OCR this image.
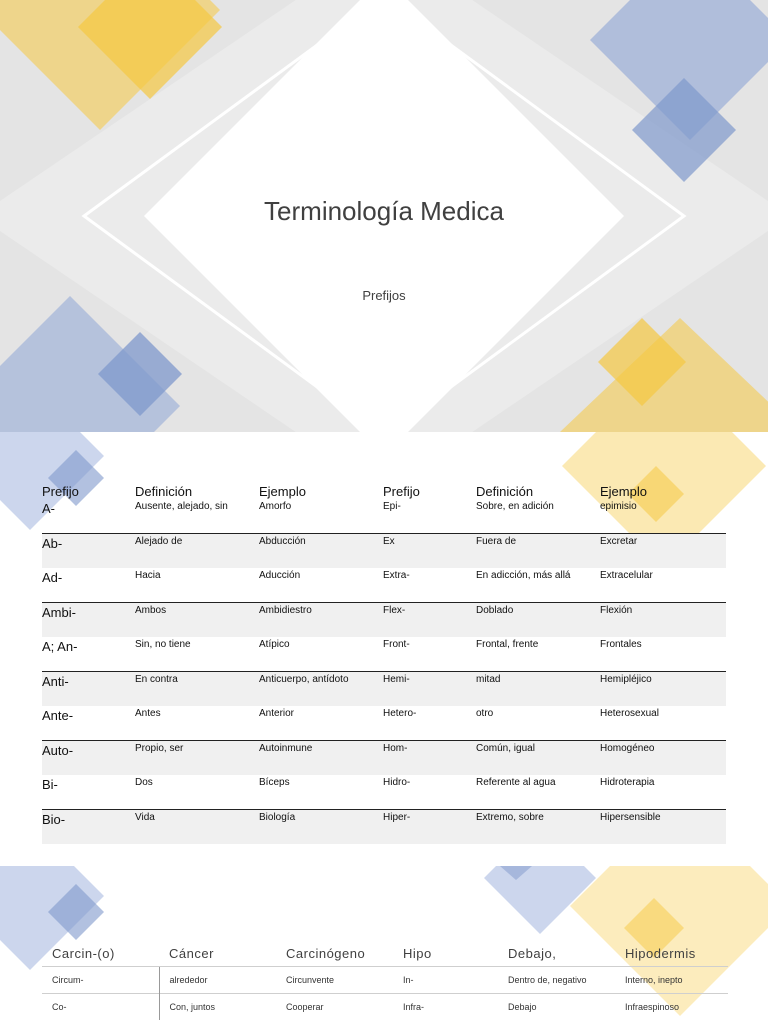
Terminología Medica
Prefijos
Prefijo	Definición	Ejemplo	Prefijo	Definición	Ejemplo
A-	Ausente, alejado, sin	Amorfo	Epi-	Sobre, en adición	epimisio
Ab-	Alejado de	Abducción	Ex	Fuera de	Excretar
Ad-	Hacia	Aducción	Extra-	En adicción, más allá	Extracelular
Ambi-	Ambos	Ambidiestro	Flex-	Doblado	Flexión
A; An-	Sin, no tiene	Atípico	Front-	Frontal, frente	Frontales
Anti-	En contra	Anticuerpo, antídoto	Hemi-	mitad	Hemipléjico
Ante-	Antes	Anterior	Hetero-	otro	Heterosexual
Auto-	Propio, ser	Autoinmune	Hom-	Común, igual	Homogéneo
Bi-	Dos	Bíceps	Hidro-	Referente al agua	Hidroterapia
Bio-	Vida	Biología	Hiper-	Extremo, sobre	Hipersensible
Carcin-(o)	Cáncer	Carcinógeno	Hipo	Debajo,	Hipodermis
Circum-	alrededor	Circunvente	In-	Dentro de, negativo	Interno, inepto
Co-	Con, juntos	Cooperar	Infra-	Debajo	Infraespinoso
